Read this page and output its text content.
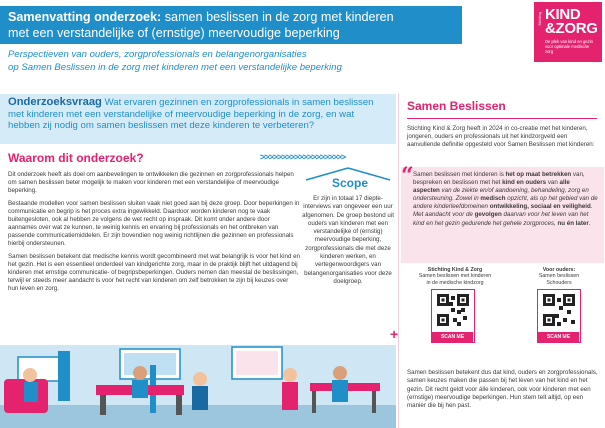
Samenvatting onderzoek: samen beslissen in de zorg met kinderen

met een verstandelijke of (ernstige) meervoudige beperking

Perspectieven van ouders, zorgprofessionals en belangenorganisaties
op Samen Beslissen in de zorg met kinderen met een verstandelijke beperking
Stichting KIND
&ZORG
De plek van kind en gezin voor optimale medische zorg

Onderzoeksvraag Wat ervaren gezinnen en zorgprofessionals in samen beslissen

met kinderen met een verstandelijke of meervoudige beperking in de zorg, en wat

hebben zij nodig om samen beslissen met deze kinderen te verbeteren?

Waarom dit onderzoek?	>>>>>>>>>>>>>>>>>>>>

Dit onderzoek heeft als doel om aanbevelingen te ontwikkelen die gezinnen en zorgprofessionals helpen om samen beslissen beter mogelijk te maken voor kinderen met een verstandelijke of meervoudige beperking.

Bestaande modellen voor samen beslissen sluiten vaak niet goed aan bij deze groep. Door beperkingen in communicatie en begrip is het proces extra ingewikkeld. Daardoor worden kinderen nog te vaak buitengesloten, ook al hebben ze volgens de wet recht op inspraak. Dit komt onder andere door aannames over wat ze kunnen, te weinig kennis en ervaring bij professionals en het ontbreken van passende communicatiemiddelen. Er zijn bovendien nog weinig richtlijnen die gezinnen en professionals hierbij ondersteunen.

Samen beslissen betekent dat medische kennis wordt gecombineerd met wat belangrijk is voor het kind en het gezin. Het is een essentieel onderdeel van kindgerichte zorg, maar in de praktijk blijft het uitdagend bij kinderen met ernstige communicatie- of begripsbeperkingen. Ouders nemen dan meestal de beslissingen, terwijl er steeds meer aandacht is voor het recht van kinderen om zelf betrokken te zijn bij keuzes over hun leven en zorg.

Scope
Er zijn in totaal 17 diepte-interviews van ongeveer een uur afgenomen. De groep bestond uit ouders van kinderen met een verstandelijke of (ernstig) meervoudige beperking, zorgprofessionals die met deze kinderen werken, en vertegenwoordigers van belangenorganisaties voor deze doelgroep.
Samen Beslissen
Stichting Kind & Zorg heeft in 2024 in co-creatie met het kinderen, jongeren, ouders en professionals uit het kindzorgveld een aanvullende definitie opgesteld voor Samen Beslissen met kinderen:

Samen beslissen met kinderen is het op maat betrekken van, bespreken en beslissen met het kind en ouders van alle aspecten van de ziekte en/of aandoening, behandeling, zorg en ondersteuning. Zowel in medisch opzicht, als op het gebied van de andere kinderleefdomeinen ontwikkeling, sociaal en veiligheid. Met aandacht voor de gevolgen daarvan voor het leven van het kind en het gezin gedurende het gehele zorgproces, nu én later.

“
Stichting Kind & Zorg
Samen beslissen met kinderen
in de medische kindzorg
Voor ouders:
Samen beslissen
Schouders
SCAN ME	SCAN ME
Samen beslissen betekent dus dat kind, ouders en zorgprofessionals, samen keuzes maken die passen bij het leven van het kind en het gezin. Dit recht geldt voor álle kinderen, ook voor kinderen met een (ernstige) meervoudige beperkingen. Hun stem telt altijd, op een manier die bij hen past.
+
